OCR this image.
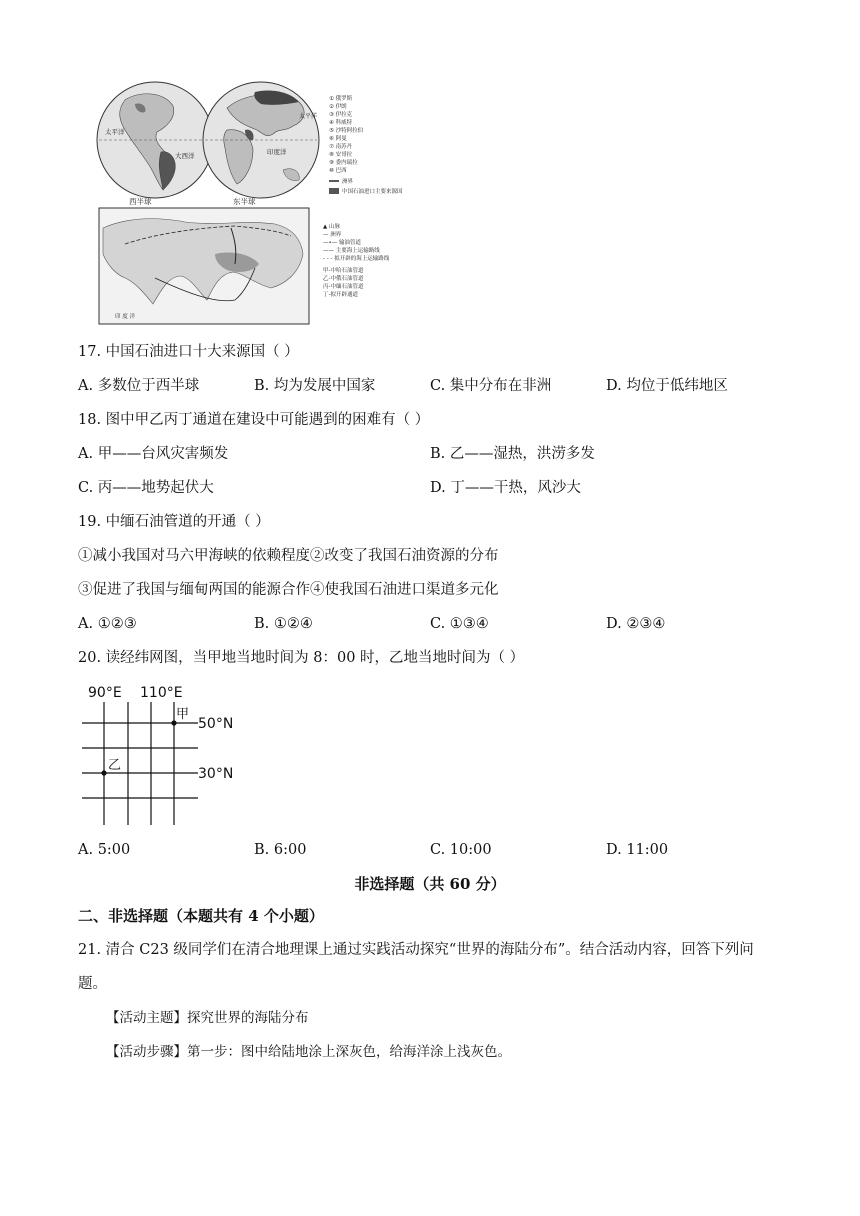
太平洋
大西洋
西半球
印度洋
太平洋
东半球
① 俄罗斯
② 伊朗
③ 伊拉克
④ 科威特
⑤ 沙特阿拉伯
⑥ 阿曼
⑦ 南苏丹
⑧ 安哥拉
⑨ 委内瑞拉
⑩ 巴西
洲界
中国石油进口主要来源国
印 度 洋
▲ 山脉
— 洲界
—•— 输油管道
—— 主要海上运输路线
- - - 拟开辟的海上运输路线
甲-中哈石油管道
乙-中俄石油管道
丙-中缅石油管道
丁-拟开辟通道
17. 中国石油进口十大来源国（ ）
A. 多数位于西半球	B. 均为发展中国家	C. 集中分布在非洲	D. 均位于低纬地区
18. 图中甲乙丙丁通道在建设中可能遇到的困难有（ ）
A. 甲——台风灾害频发	B. 乙——湿热，洪涝多发
C. 丙——地势起伏大	D. 丁——干热，风沙大
19. 中缅石油管道的开通（ ）
①减小我国对马六甲海峡的依赖程度②改变了我国石油资源的分布
③促进了我国与缅甸两国的能源合作④使我国石油进口渠道多元化
A. ①②③	B. ①②④	C. ①③④	D. ②③④
20. 读经纬网图，当甲地当地时间为 8：00 时，乙地当地时间为（ ）
90°E 110°E
甲
乙
50°N
30°N
A. 5:00	B. 6:00	C. 10:00	D. 11:00
非选择题（共 60 分）
二、非选择题（本题共有 4 个小题）
21. 清合 C23 级同学们在清合地理课上通过实践活动探究“世界的海陆分布”。结合活动内容，回答下列问
题。
【活动主题】探究世界的海陆分布
【活动步骤】第一步：图中给陆地涂上深灰色，给海洋涂上浅灰色。
